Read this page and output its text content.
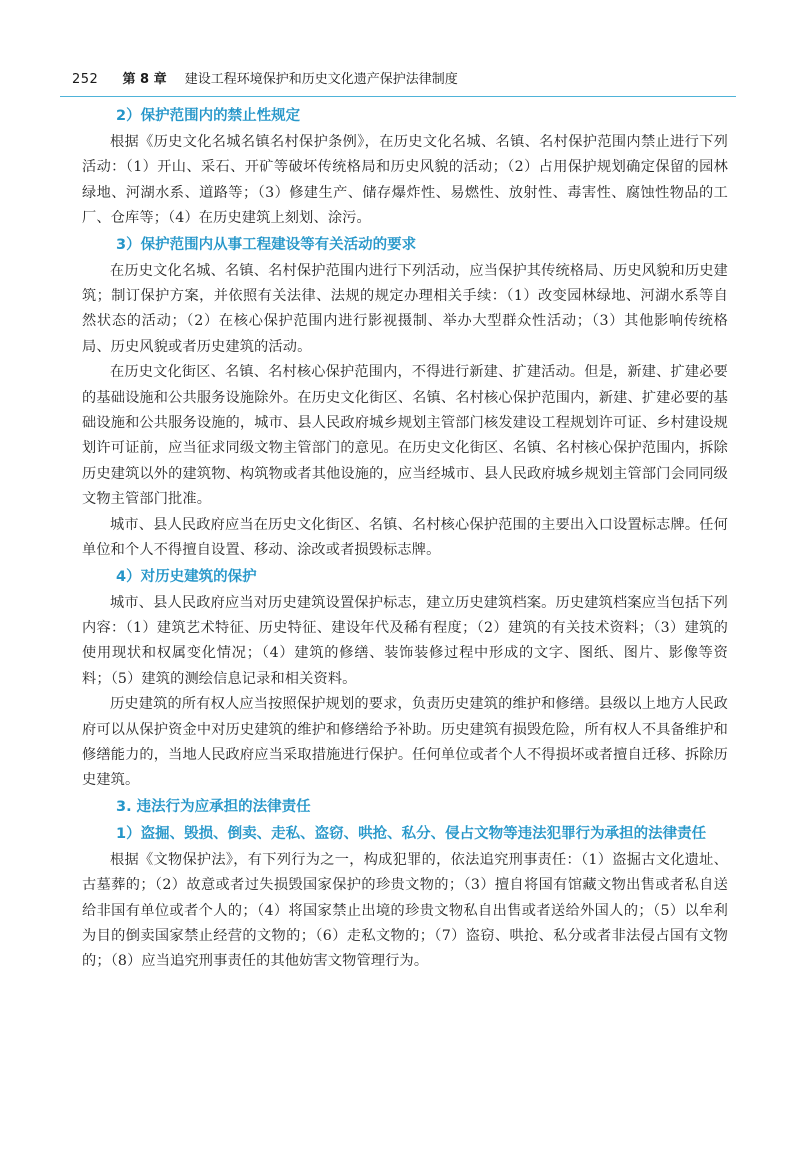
252 第 8 章 建设工程环境保护和历史文化遗产保护法律制度
2）保护范围内的禁止性规定

根据《历史文化名城名镇名村保护条例》，在历史文化名城、名镇、名村保护范围内禁止进行下列活动：（1）开山、采石、开矿等破坏传统格局和历史风貌的活动；（2）占用保护规划确定保留的园林绿地、河湖水系、道路等；（3）修建生产、储存爆炸性、易燃性、放射性、毒害性、腐蚀性物品的工厂、仓库等；（4）在历史建筑上刻划、涂污。

3）保护范围内从事工程建设等有关活动的要求

在历史文化名城、名镇、名村保护范围内进行下列活动，应当保护其传统格局、历史风貌和历史建筑；制订保护方案，并依照有关法律、法规的规定办理相关手续：（1）改变园林绿地、河湖水系等自然状态的活动；（2）在核心保护范围内进行影视摄制、举办大型群众性活动；（3）其他影响传统格局、历史风貌或者历史建筑的活动。

在历史文化街区、名镇、名村核心保护范围内，不得进行新建、扩建活动。但是，新建、扩建必要的基础设施和公共服务设施除外。在历史文化街区、名镇、名村核心保护范围内，新建、扩建必要的基础设施和公共服务设施的，城市、县人民政府城乡规划主管部门核发建设工程规划许可证、乡村建设规划许可证前，应当征求同级文物主管部门的意见。在历史文化街区、名镇、名村核心保护范围内，拆除历史建筑以外的建筑物、构筑物或者其他设施的，应当经城市、县人民政府城乡规划主管部门会同同级文物主管部门批准。

城市、县人民政府应当在历史文化街区、名镇、名村核心保护范围的主要出入口设置标志牌。任何单位和个人不得擅自设置、移动、涂改或者损毁标志牌。

4）对历史建筑的保护

城市、县人民政府应当对历史建筑设置保护标志，建立历史建筑档案。历史建筑档案应当包括下列内容：（1）建筑艺术特征、历史特征、建设年代及稀有程度；（2）建筑的有关技术资料；（3）建筑的使用现状和权属变化情况；（4）建筑的修缮、装饰装修过程中形成的文字、图纸、图片、影像等资料；（5）建筑的测绘信息记录和相关资料。

历史建筑的所有权人应当按照保护规划的要求，负责历史建筑的维护和修缮。县级以上地方人民政府可以从保护资金中对历史建筑的维护和修缮给予补助。历史建筑有损毁危险，所有权人不具备维护和修缮能力的，当地人民政府应当采取措施进行保护。任何单位或者个人不得损坏或者擅自迁移、拆除历史建筑。

3. 违法行为应承担的法律责任
1）盗掘、毁损、倒卖、走私、盗窃、哄抢、私分、侵占文物等违法犯罪行为承担的法律责任

根据《文物保护法》，有下列行为之一，构成犯罪的，依法追究刑事责任：（1）盗掘古文化遗址、古墓葬的；（2）故意或者过失损毁国家保护的珍贵文物的；（3）擅自将国有馆藏文物出售或者私自送给非国有单位或者个人的；（4）将国家禁止出境的珍贵文物私自出售或者送给外国人的；（5）以牟利为目的倒卖国家禁止经营的文物的；（6）走私文物的；（7）盗窃、哄抢、私分或者非法侵占国有文物的；（8）应当追究刑事责任的其他妨害文物管理行为。
